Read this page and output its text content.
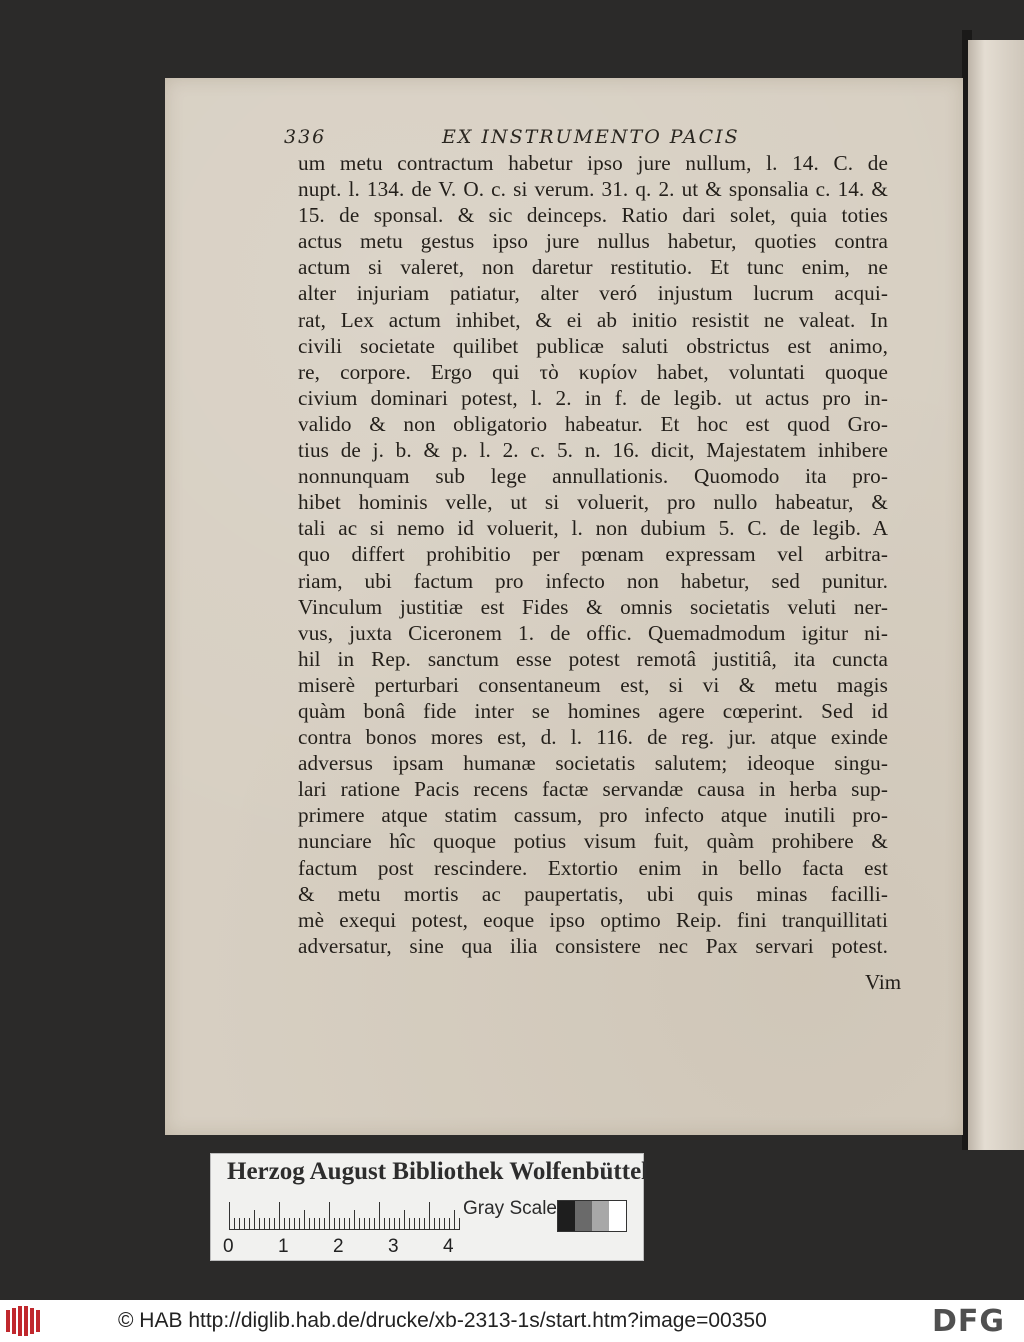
336	EX INSTRUMENTO PACIS
um metu contractum habetur ipso jure nullum, l. 14. C. de
nupt. l. 134. de V. O. c. si verum. 31. q. 2. ut & sponsalia c. 14. &
15. de sponsal. & sic deinceps. Ratio dari solet, quia toties
actus metu gestus ipso jure nullus habetur, quoties contra
actum si valeret, non daretur restitutio. Et tunc enim, ne
alter injuriam patiatur, alter veró injustum lucrum acqui-
rat, Lex actum inhibet, & ei ab initio resistit ne valeat. In
civili societate quilibet publicæ saluti obstrictus est animo,
re, corpore. Ergo qui τὸ κυρίον habet, voluntati quoque
civium dominari potest, l. 2. in f. de legib. ut actus pro in-
valido & non obligatorio habeatur. Et hoc est quod Gro-
tius de j. b. & p. l. 2. c. 5. n. 16. dicit, Majestatem inhibere
nonnunquam sub lege annullationis. Quomodo ita pro-
hibet hominis velle, ut si voluerit, pro nullo habeatur, &
tali ac si nemo id voluerit, l. non dubium 5. C. de legib. A
quo differt prohibitio per pœnam expressam vel arbitra-
riam, ubi factum pro infecto non habetur, sed punitur.
Vinculum justitiæ est Fides & omnis societatis veluti ner-
vus, juxta Ciceronem 1. de offic. Quemadmodum igitur ni-
hil in Rep. sanctum esse potest remotâ justitiâ, ita cuncta
miserè perturbari consentaneum est, si vi & metu magis
quàm bonâ fide inter se homines agere cœperint. Sed id
contra bonos mores est, d. l. 116. de reg. jur. atque exinde
adversus ipsam humanæ societatis salutem; ideoque singu-
lari ratione Pacis recens factæ servandæ causa in herba sup-
primere atque statim cassum, pro infecto atque inutili pro-
nunciare hîc quoque potius visum fuit, quàm prohibere &
factum post rescindere. Extortio enim in bello facta est
& metu mortis ac paupertatis, ubi quis minas facilli-
mè exequi potest, eoque ipso optimo Reip. fini tranquillitati
adversatur, sine qua ilia consistere nec Pax servari potest.
Vim
Herzog August Bibliothek Wolfenbüttel
0 1 2 3 4
Gray Scale
© HAB http://diglib.hab.de/drucke/xb-2313-1s/start.htm?image=00350	DFG
